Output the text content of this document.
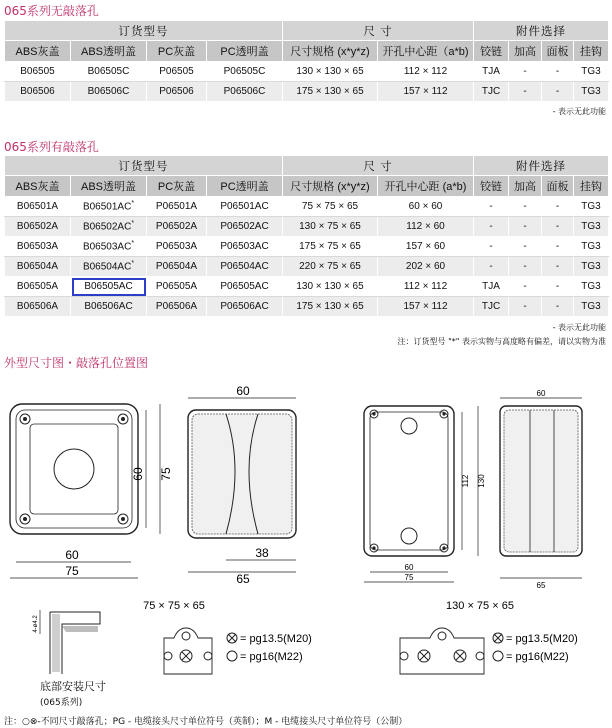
065系列无敲落孔
订货型号				尺 寸		附件选择			
ABS灰盖	ABS透明盖	PC灰盖	PC透明盖	尺寸规格 (x*y*z)	开孔中心距（a*b)	铰链	加高	面板	挂钩
B06505	B06505C	P06505	P06505C	130 × 130 × 65	112 × 112	TJA	-	-	TG3
B06506	B06506C	P06506	P06506C	175 × 130 × 65	157 × 112	TJC	-	-	TG3
- 表示无此功能
065系列有敲落孔
订货型号				尺 寸		附件选择			
ABS灰盖	ABS透明盖	PC灰盖	PC透明盖	尺寸规格 (x*y*z)	开孔中心距 (a*b)	铰链	加高	面板	挂钩
B06501A	B06501AC*	P06501A	P06501AC	75 × 75 × 65	60 × 60	-	-	-	TG3
B06502A	B06502AC*	P06502A	P06502AC	130 × 75 × 65	112 × 60	-	-	-	TG3
B06503A	B06503AC*	P06503A	P06503AC	175 × 75 × 65	157 × 60	-	-	-	TG3
B06504A	B06504AC*	P06504A	P06504AC	220 × 75 × 65	202 × 60	-	-	-	TG3
B06505A	B06505AC	P06505A	P06505AC	130 × 130 × 65	112 × 112	TJA	-	-	TG3
B06506A	B06506AC	P06506A	P06506AC	175 × 130 × 65	157 × 112	TJC	-	-	TG3
- 表示无此功能
注：订货型号 "*" 表示实物与高度略有偏差，请以实物为准
外型尺寸图・敲落孔位置图
60
75
60 75
60
38
65
60
75
112 130
60
65
4-ø4.2
75 × 75 × 65
= pg13.5(M20)
= pg16(M22)
130 × 75 × 65
= pg13.5(M20)
= pg16(M22)
底部安装尺寸
(065系列)
注：○⊗-不同尺寸敲落孔；PG - 电缆接头尺寸单位符号（英制）；M - 电缆接头尺寸单位符号（公制）
